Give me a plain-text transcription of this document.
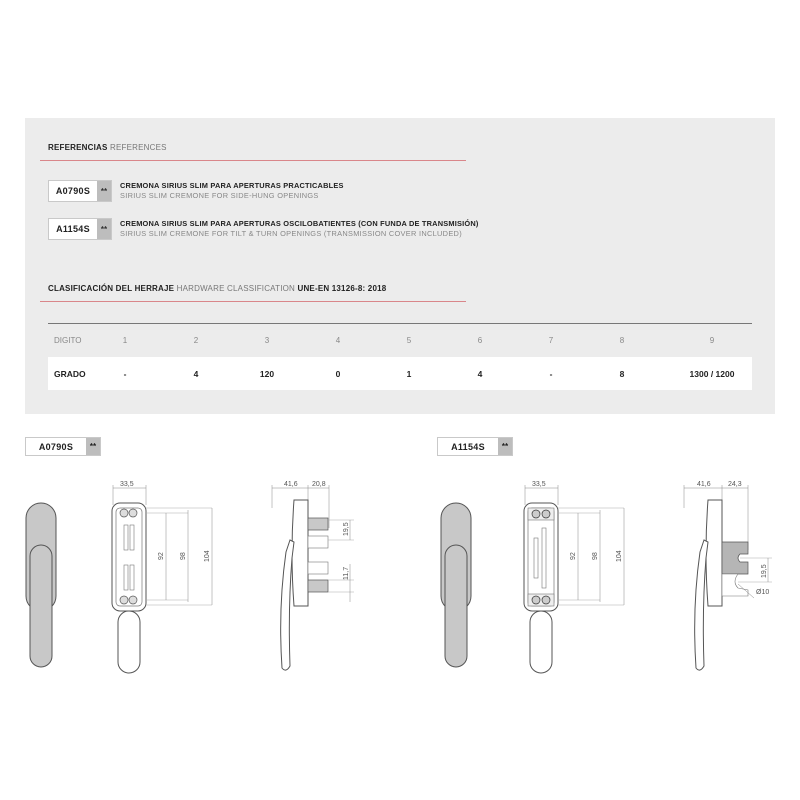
REFERENCIAS REFERENCES
A0790S	**
CREMONA SIRIUS SLIM PARA APERTURAS PRACTICABLES
SIRIUS SLIM CREMONE FOR SIDE-HUNG OPENINGS
A1154S	**
CREMONA SIRIUS SLIM PARA APERTURAS OSCILOBATIENTES (CON FUNDA DE TRANSMISIÓN)
SIRIUS SLIM CREMONE FOR TILT & TURN OPENINGS (TRANSMISSION COVER INCLUDED)
CLASIFICACIÓN DEL HERRAJE HARDWARE CLASSIFICATION UNE-EN 13126-8: 2018
DIGITO	1	2	3	4	5	6	7	8	9
GRADO	-	4	120	0	1	4	-	8	1300 / 1200
A0790S	**	A1154S	**
33,5
92 98 104
41,6 20,8
19,5
11,7
33,5
92 98 104
41,6 24,3
19,5
Ø10
